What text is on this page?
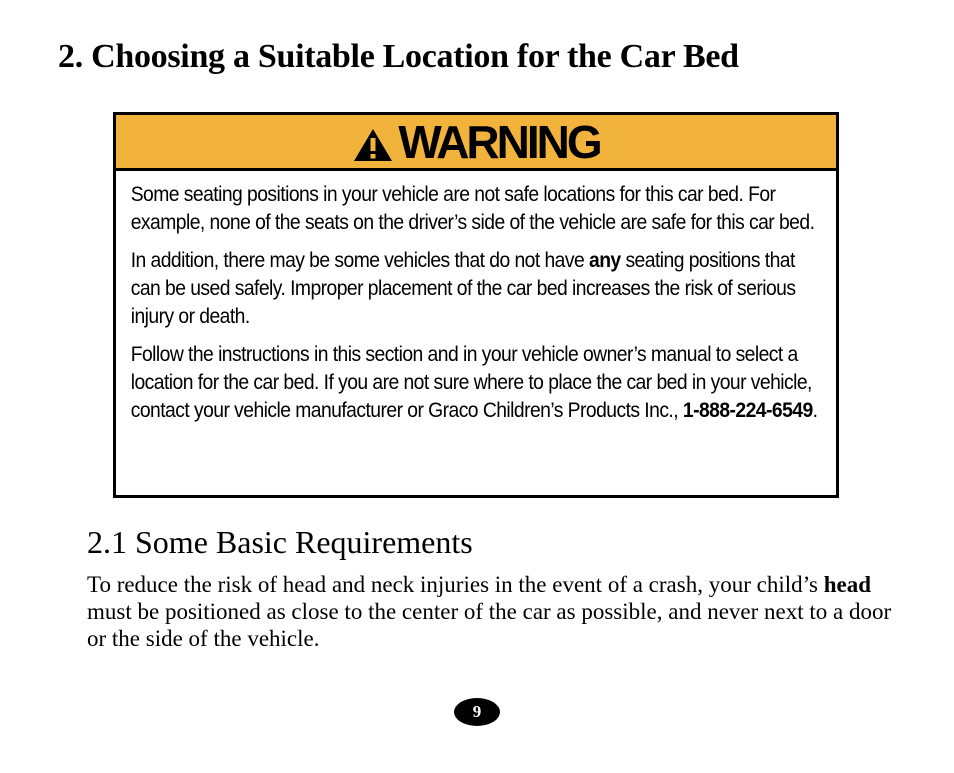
2. Choosing a Suitable Location for the Car Bed
WARNING

Some seating positions in your vehicle are not safe locations for this car bed. For example, none of the seats on the driver’s side of the vehicle are safe for this car bed.

In addition, there may be some vehicles that do not have any seating positions that can be used safely. Improper placement of the car bed increases the risk of serious injury or death.

Follow the instructions in this section and in your vehicle owner’s manual to select a location for the car bed. If you are not sure where to place the car bed in your vehicle, contact your vehicle manufacturer or Graco Children’s Products Inc., 1-888-224-6549.

2.1 Some Basic Requirements

To reduce the risk of head and neck injuries in the event of a crash, your child’s head must be positioned as close to the center of the car as possible, and never next to a door or the side of the vehicle.

9
